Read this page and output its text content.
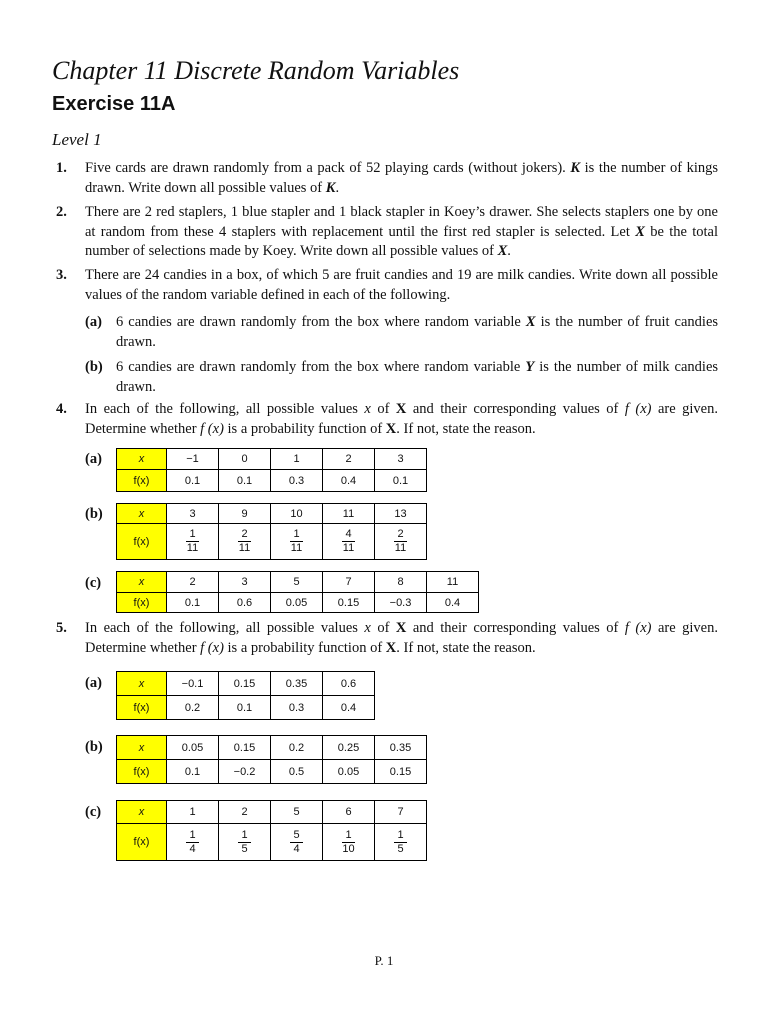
Chapter 11 Discrete Random Variables
Exercise 11A
Level 1
1. Five cards are drawn randomly from a pack of 52 playing cards (without jokers). K is the number of kings drawn. Write down all possible values of K.
2. There are 2 red staplers, 1 blue stapler and 1 black stapler in Koey’s drawer. She selects staplers one by one at random from these 4 staplers with replacement until the first red stapler is selected. Let X be the total number of selections made by Koey. Write down all possible values of X.
3. There are 24 candies in a box, of which 5 are fruit candies and 19 are milk candies. Write down all possible values of the random variable defined in each of the following.
(a) 6 candies are drawn randomly from the box where random variable X is the number of fruit candies drawn.
(b) 6 candies are drawn randomly from the box where random variable Y is the number of milk candies drawn.
4. In each of the following, all possible values x of X and their corresponding values of f (x) are given. Determine whether f (x) is a probability function of X. If not, state the reason.
(a)	x	−1	0	1	2	3
f(x)	0.1	0.1	0.3	0.4	0.1
(b)	x	3	9	10	11	13
f(x)	$\frac{1}{11}$	$\frac{2}{11}$	$\frac{1}{11}$	$\frac{4}{11}$	$\frac{2}{11}$
(c)	x	2	3	5	7	8	11
f(x)	0.1	0.6	0.05	0.15	−0.3	0.4
5. In each of the following, all possible values x of X and their corresponding values of f (x) are given. Determine whether f (x) is a probability function of X. If not, state the reason.
(a)	x	−0.1	0.15	0.35	0.6
f(x)	0.2	0.1	0.3	0.4
(b)	x	0.05	0.15	0.2	0.25	0.35
f(x)	0.1	−0.2	0.5	0.05	0.15
(c)	x	1	2	5	6	7
f(x)	$\frac{1}{4}$	$\frac{1}{5}$	$\frac{5}{4}$	$\frac{1}{10}$	$\frac{1}{5}$
P. 1
